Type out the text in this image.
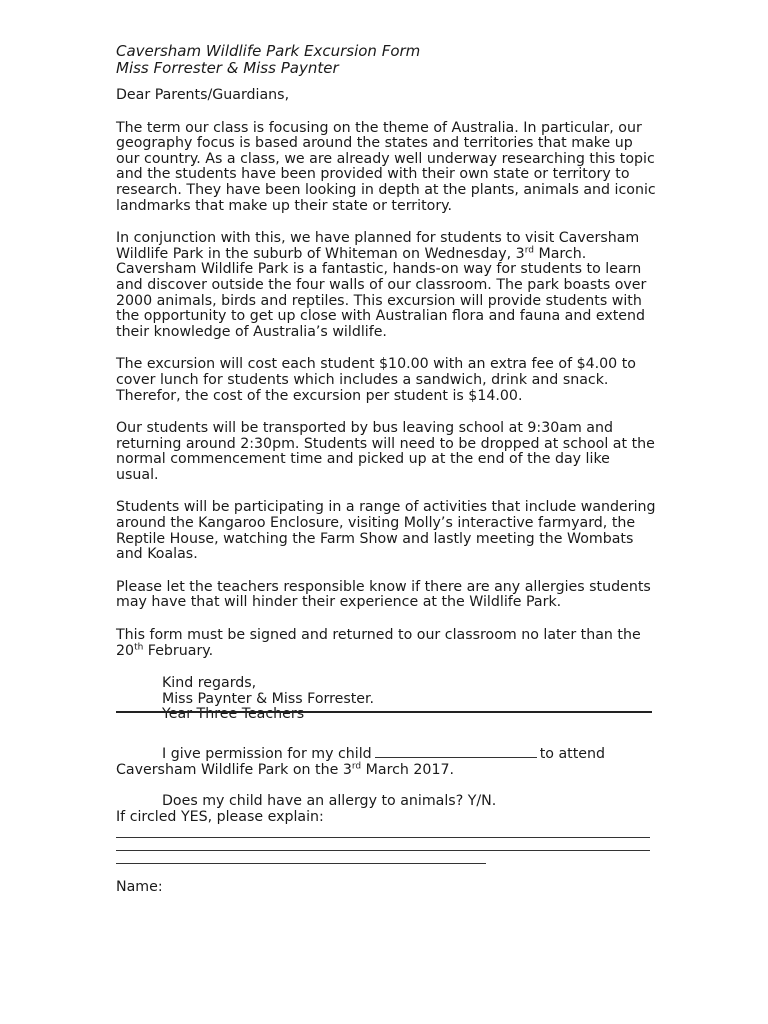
Caversham Wildlife Park Excursion Form
Miss Forrester & Miss Paynter

Dear Parents/Guardians,

The term our class is focusing on the theme of Australia. In particular, our geography focus is based around the states and territories that make up our country. As a class, we are already well underway researching this topic and the students have been provided with their own state or territory to research. They have been looking in depth at the plants, animals and iconic landmarks that make up their state or territory.

In conjunction with this, we have planned for students to visit Caversham Wildlife Park in the suburb of Whiteman on Wednesday, 3rd March. Caversham Wildlife Park is a fantastic, hands-on way for students to learn and discover outside the four walls of our classroom. The park boasts over 2000 animals, birds and reptiles. This excursion will provide students with the opportunity to get up close with Australian flora and fauna and extend their knowledge of Australia’s wildlife.

The excursion will cost each student $10.00 with an extra fee of $4.00 to cover lunch for students which includes a sandwich, drink and snack. Therefor, the cost of the excursion per student is $14.00.

Our students will be transported by bus leaving school at 9:30am and returning around 2:30pm. Students will need to be dropped at school at the normal commencement time and picked up at the end of the day like usual.

Students will be participating in a range of activities that include wandering around the Kangaroo Enclosure, visiting Molly’s interactive farmyard, the Reptile House, watching the Farm Show and lastly meeting the Wombats and Koalas.

Please let the teachers responsible know if there are any allergies students may have that will hinder their experience at the Wildlife Park.

This form must be signed and returned to our classroom no later than the 20th February.

Kind regards,
Miss Paynter & Miss Forrester.
Year Three Teachers

I give permission for my child	to attend

Caversham Wildlife Park on the 3rd March 2017.

Does my child have an allergy to animals? Y/N.

If circled YES, please explain:

Name:
